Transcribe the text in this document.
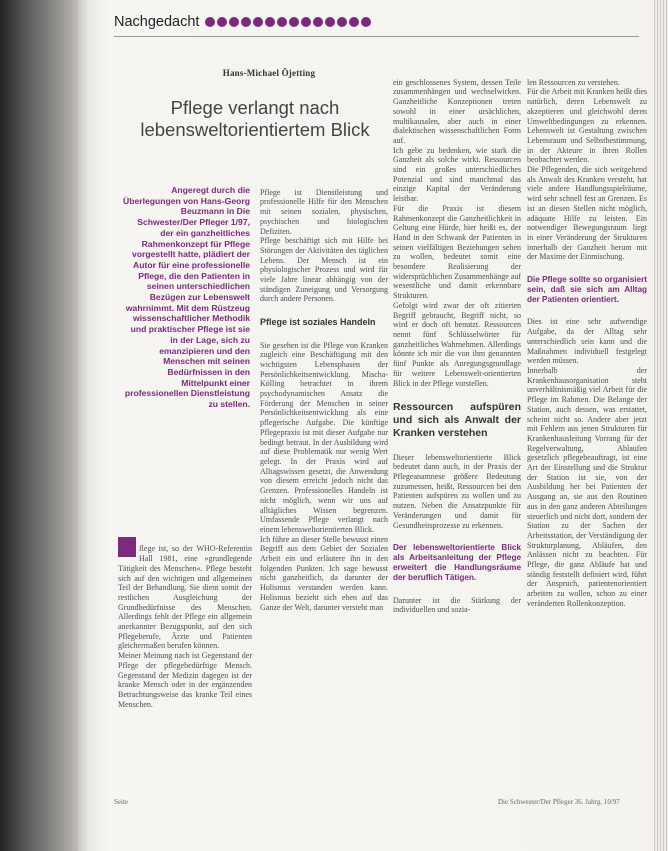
Nachgedacht
Hans-Michael Öjetting
Pflege verlangt nach lebensweltorientiertem Blick
Angeregt durch die Überlegungen von Hans-Georg Beuzmann in Die Schwester/Der Pfleger 1/97, der ein ganzheitliches Rahmenkonzept für Pflege vorgestellt hatte, plädiert der Autor für eine professionelle Pflege, die den Patienten in seinen unterschiedlichen Bezügen zur Lebenswelt wahrnimmt. Mit dem Rüstzeug wissenschaftlicher Methodik und praktischer Pflege ist sie in der Lage, sich zu emanzipieren und den Menschen mit seinen Bedürfnissen in den Mittelpunkt einer professionellen Dienstleistung zu stellen.

flege ist, so der WHO-Referentin Hall 1981, eine »grundlegende Tätigkeit des Menschen«. Pflege besteht sich auf den wichtigen und allgemeinen Teil der Behandlung. Sie dient somit der restlichen Ausgleichung der Grundbedürfnisse des Menschen. Allerdings fehlt der Pflege ein allgemein anerkannter Bezugspunkt, auf den sich Pflegeberufe, Ärzte und Patienten gleichermaßen berufen können.
Meiner Meinung nach ist Gegenstand der Pflege der pflegebedürftige Mensch. Gegenstand der Medizin dagegen ist der kranke Mensch oder in der ergänzenden Betrachtungsweise das kranke Teil eines Menschen.

Pflege ist Dienstleistung und professionelle Hilfe für den Menschen mit seinen sozialen, physischen, psychischen und biologischen Defiziten.
Pflege beschäftigt sich mit Hilfe bei Störungen der Aktivitäten des täglichen Lebens. Der Mensch ist ein physiologischer Prozess und wird für viele Jahre linear abhängig von der ständigen Zuneigung und Versorgung durch andere Personen.

Pflege ist soziales Handeln

Sie gesehen ist die Pflege von Kranken zugleich eine Beschäftigung mit den wichtigsten Lebensphasen der Persönlichkeitsentwicklung. Mischa-Kölling betrachtet in ihrem psychodynamischen Ansatz die Förderung der Menschen in seiner Persönlichkeitsentwicklung als eine pflegerische Aufgabe. Die künftige Pflegepraxis ist mit dieser Aufgabe nur bedingt betraut. In der Ausbildung wird auf diese Problematik nur wenig Wert gelegt. In der Praxis wird auf Alltagswissen gesetzt, die Anwendung von diesem erreicht jedoch nicht das Grenzen. Professionelles Handeln ist nicht möglich, wenn wir uns auf alltägliches Wissen begrenzen. Umfassende Pflege verlangt nach einem lebensweltorientierten Blick.
Ich führe an dieser Stelle bewusst einen Begriff aus dem Gebiet der Sozialen Arbeit ein und erläutere ihn in den folgenden Punkten. Ich sage bewusst nicht ganzheitlich, da darunter der Holismus verstanden werden kann. Holismus bezieht sich eben auf das Ganze der Welt, darunter versteht man

ein geschlossenes System, dessen Teile zusammenhängen und wechselwirken. Ganzheitliche Konzeptionen treten sowohl in einer ursächlichen, multikausalen, aber auch in einer dialektischen wissenschaftlichen Form auf.
Ich gebe zu bedenken, wie stark die Ganzheit als solche wirkt. Ressourcen sind ein großes unterschiedliches Potenzial und sind manchmal das einzige Kapital der Veränderung leistbar.
Für die Praxis ist diesem Rahmenkonzept die Ganzheitlichkeit in Geltung eine Hürde, hier heißt es, der Hand in den Schwank der Patienten in seinen vielfältigen Beziehungen sehen zu wollen, bedeutet somit eine besondere Realisierung der widersprüchlichen Zusammenhänge auf wesentliche und damit erkennbare Strukturen.
Gefolgt wird zwar der oft zitierten Begriff gebraucht, Begriff nicht, so wird er doch oft benutzt. Ressourcen nennt fünf Schlüsselwörter für ganzheitliches Wahrnehmen. Allerdings könnte ich mir die von ihm genannten fünf Punkte als Anregungsgrundlage für weitere Lebenswelt-orientierten Blick in der Pflege vorstellen.

Ressourcen aufspüren und sich als Anwalt der Kranken verstehen

Dieser lebensweltorientierte Blick bedeutet dann auch, in der Praxis der Pflegeanamnese größere Bedeutung zuzumessen, heißt, Ressourcen bei den Patienten aufspüren zu wollen und zu nutzen. Neben die Ansatzpunkte für Veränderungen und damit für Gesundheitsprozesse zu erkennen.

Der lebensweltorientierte Blick als Arbeitsanleitung der Pflege erweitert die Handlungsräume der beruflich Tätigen.

Darunter ist die Stärkung der individuellen und sozia-

len Ressourcen zu verstehen.
Für die Arbeit mit Kranken heißt dies natürlich, deren Lebenswelt zu akzeptieren und gleichwohl deren Umweltbedingungen zu erkennen. Lebenswelt ist Gestaltung zwischen Lebensraum und Selbstbestimmung, in der Akteure in ihren Rollen beobachtet werden.
Die Pflegenden, die sich weitgehend als Anwalt des Kranken versteht, hat viele andere Handlungsspielräume, wird sehr schnell fest an Grenzen. Es ist an diesen Stellen nicht möglich, adäquate Hilfe zu leisten. Ein notwendiger Bewegungsraum liegt in einer Veränderung der Strukturen innerhalb der Ganzheit herum mit der Maxime der Einmischung.

Die Pflege sollte so organisiert sein, daß sie sich am Alltag der Patienten orientiert.

Dies ist eine sehr aufwendige Aufgabe, da der Alltag sehr unterschiedlich sein kann und die Maßnahmen individuell festgelegt werden müssen.
Innerhalb der Krankenhausorganisation steht unverhältnismäßig viel Arbeit für die Pflege im Rahmen. Die Belange der Station, auch dessen, was erstattet, scheint nicht so. Andere aber jetzt mit Fehlern aus jenen Strukturen für Krankenhausleitung Vorrang für der Regelverwaltung, Ablaufen gesetzlich pflegebeauftragt, ist eine Art der Einstellung und die Struktur der Station ist sie, von der Ausbildung her bei Patienten der Ausgang an, sie aus den Routinen aus in den ganz anderen Abteilungen steuerlich und nicht dort, sondern der Station zu der Sachen der Arbeitsstation, der Verständigung der Strukturplanung, Abläufen, den Anlässen nicht zu beachten. Für Pflege, die ganz Abläufe hat und ständig feststellt definiert wird, führt der Anspruch, patientenorientiert arbeiten zu wollen, schon zu einer veränderten Rollenkonzeption.

Seite	Die Schwester/Der Pfleger 36. Jahrg. 10/97
